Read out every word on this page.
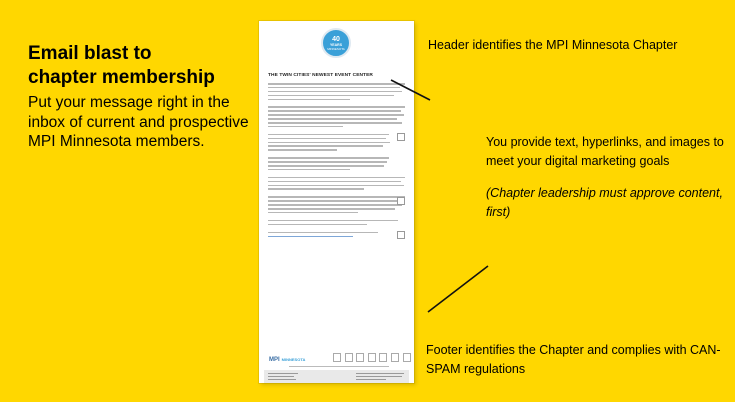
Email blast to
chapter membership
Put your message right in the inbox of current and prospective MPI Minnesota members.
40
YEARS
MINNESOTA
THE TWIN CITIES' NEWEST EVENT CENTER
MPI MINNESOTA
Header identifies the MPI Minnesota Chapter
You provide text, hyperlinks, and images to meet your digital marketing goals
(Chapter leadership must approve content, first)
Footer identifies the Chapter and complies with CAN-SPAM regulations
